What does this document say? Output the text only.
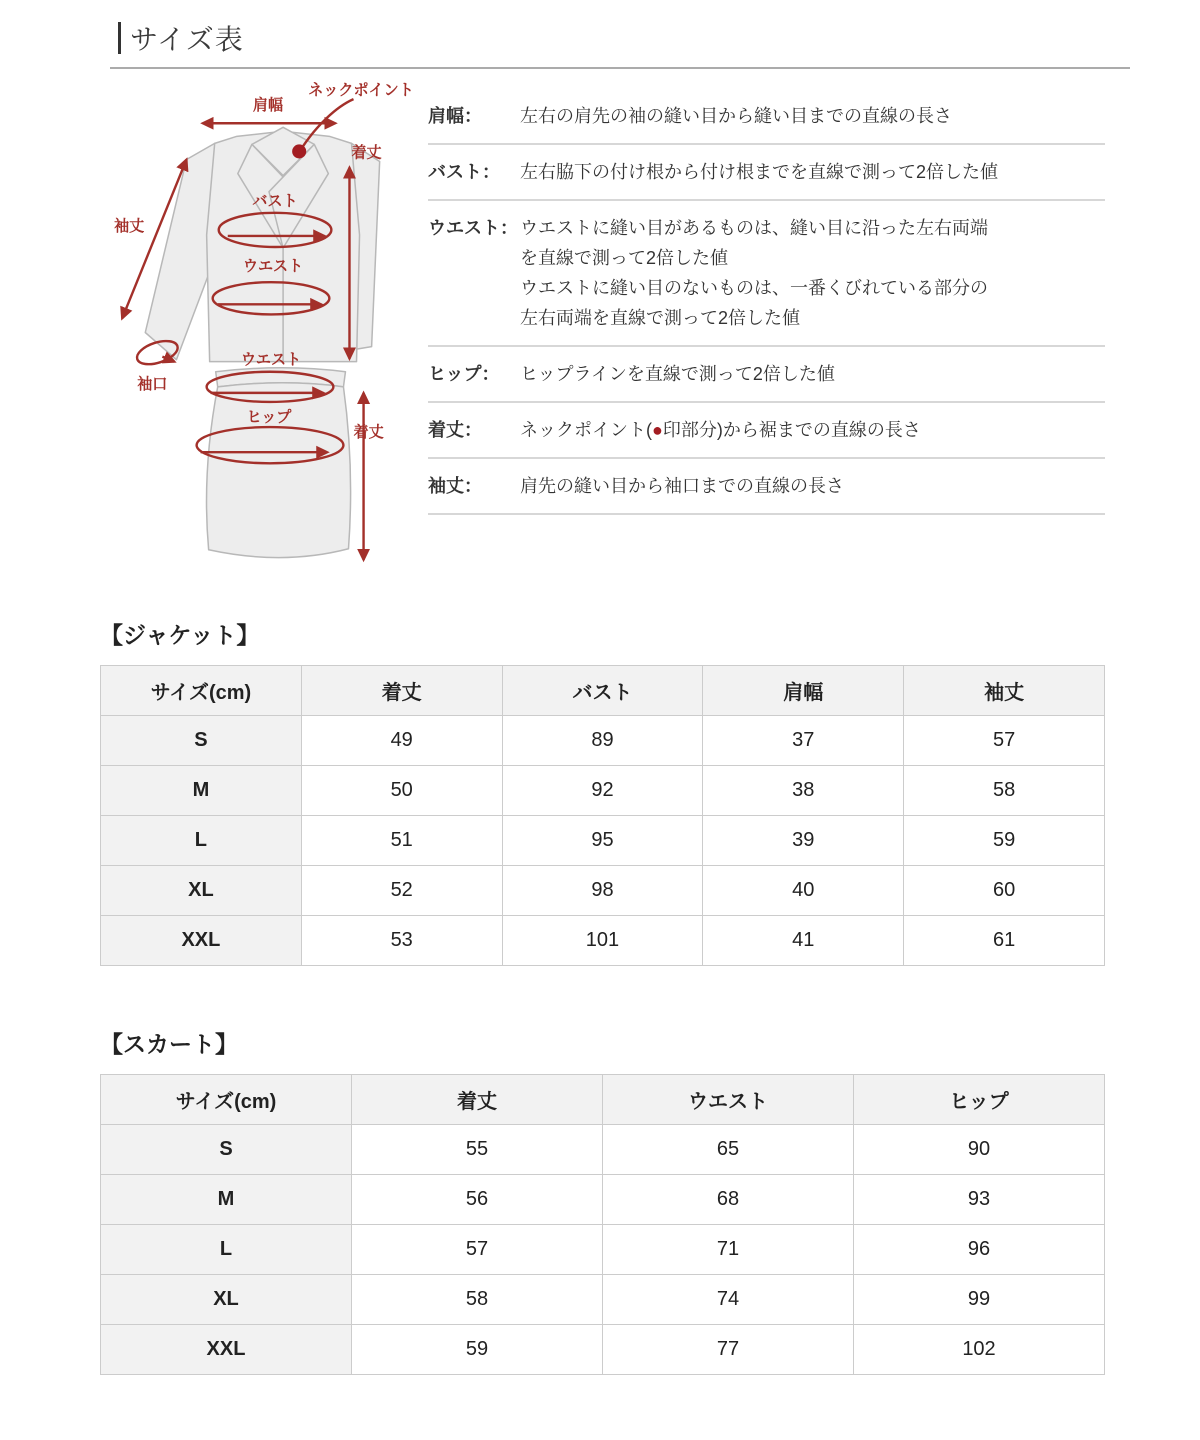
サイズ表
肩幅
ネックポイント
着丈
バスト
ウエスト
袖丈
袖口
ウエスト
ヒップ
着丈
肩幅：	左右の肩先の袖の縫い目から縫い目までの直線の長さ
バスト：	左右脇下の付け根から付け根までを直線で測って2倍した値
ウエスト： ウエストに縫い目があるものは、縫い目に沿った左右両端
を直線で測って2倍した値
ウエストに縫い目のないものは、一番くびれている部分の
左右両端を直線で測って2倍した値
ヒップ：	ヒップラインを直線で測って2倍した値
着丈：	ネックポイント(●印部分)から裾までの直線の長さ
袖丈：	肩先の縫い目から袖口までの直線の長さ
【ジャケット】
サイズ(cm)	着丈	バスト	肩幅	袖丈
S	49	89	37	57
M	50	92	38	58
L	51	95	39	59
XL	52	98	40	60
XXL	53	101	41	61
【スカート】
サイズ(cm)	着丈	ウエスト	ヒップ
S	55	65	90
M	56	68	93
L	57	71	96
XL	58	74	99
XXL	59	77	102
